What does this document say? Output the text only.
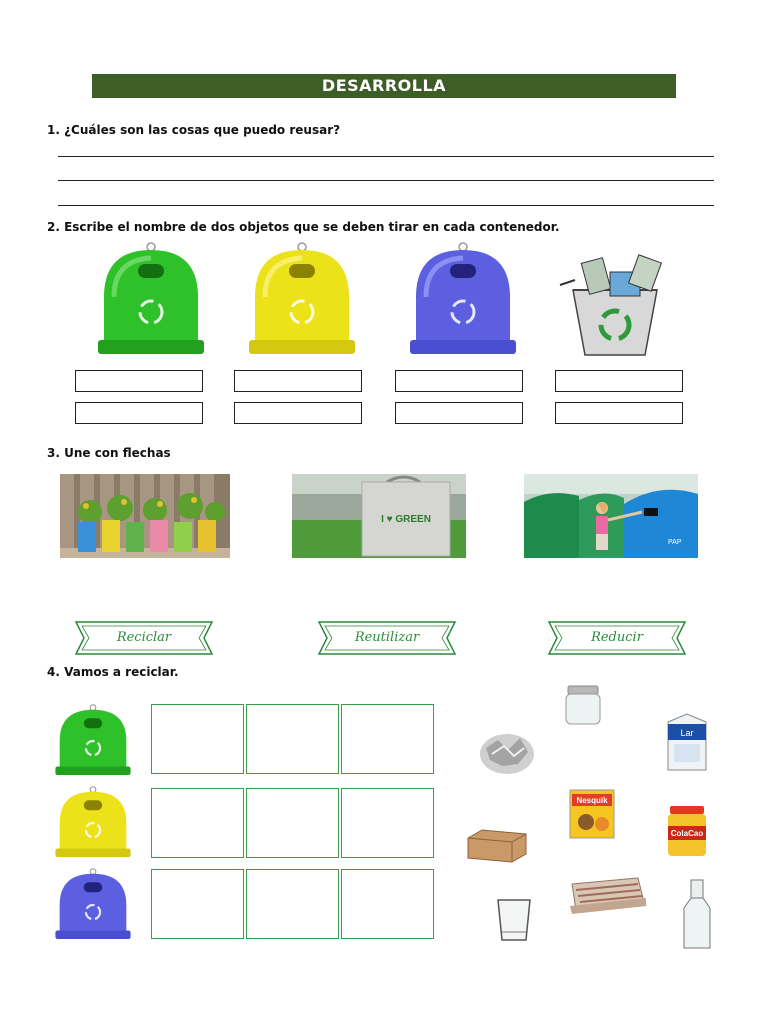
DESARROLLA
1. ¿Cuáles son las cosas que puedo reusar?
2. Escribe el nombre de dos objetos que se deben tirar en cada contenedor.
3. Une con flechas
I ♥ GREEN
PAP
Reciclar	Reutilizar	Reducir
4. Vamos a reciclar.
Lar
Nesquik
ColaCao
